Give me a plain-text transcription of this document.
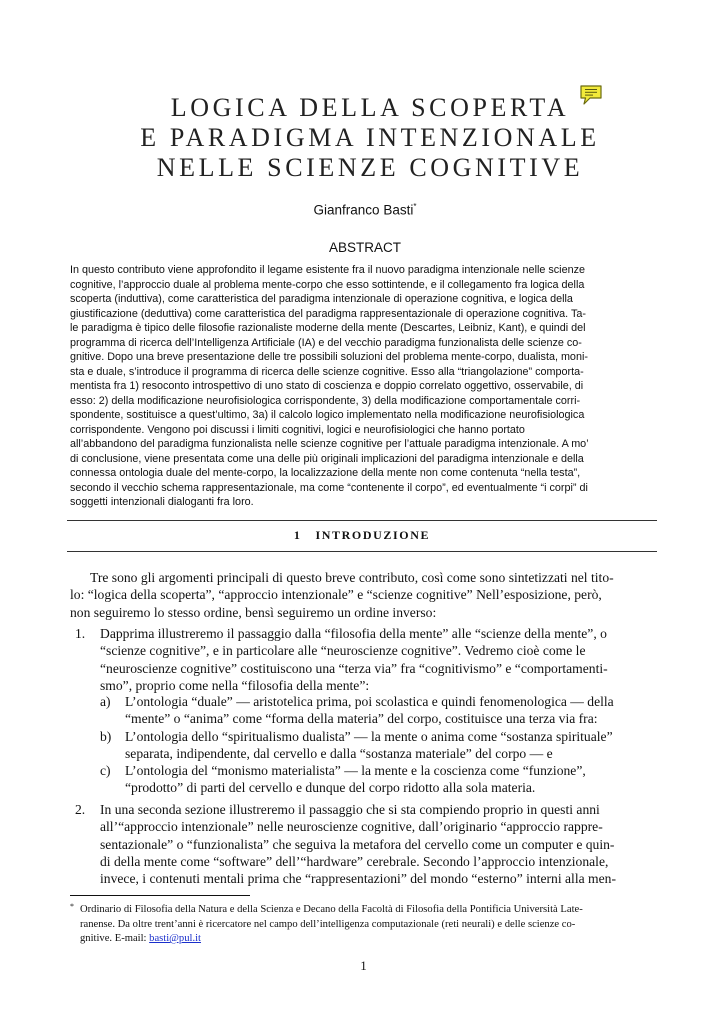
LOGICA DELLA SCOPERTA
E PARADIGMA INTENZIONALE
NELLE SCIENZE COGNITIVE
Gianfranco Basti*
ABSTRACT
In questo contributo viene approfondito il legame esistente fra il nuovo paradigma intenzionale nelle scienze
cognitive, l’approccio duale al problema mente-corpo che esso sottintende, e il collegamento fra logica della
scoperta (induttiva), come caratteristica del paradigma intenzionale di operazione cognitiva, e logica della
giustificazione (deduttiva) come caratteristica del paradigma rappresentazionale di operazione cognitiva. Ta-
le paradigma è tipico delle filosofie razionaliste moderne della mente (Descartes, Leibniz, Kant), e quindi del
programma di ricerca dell’Intelligenza Artificiale (IA) e del vecchio paradigma funzionalista delle scienze co-
gnitive. Dopo una breve presentazione delle tre possibili soluzioni del problema mente-corpo, dualista, moni-
sta e duale, s’introduce il programma di ricerca delle scienze cognitive. Esso alla “triangolazione” comporta-
mentista fra 1) resoconto introspettivo di uno stato di coscienza e doppio correlato oggettivo, osservabile, di
esso: 2) della modificazione neurofisiologica corrispondente, 3) della modificazione comportamentale corri-
spondente, sostituisce a quest’ultimo, 3a) il calcolo logico implementato nella modificazione neurofisiologica
corrispondente. Vengono poi discussi i limiti cognitivi, logici e neurofisiologici che hanno portato
all’abbandono del paradigma funzionalista nelle scienze cognitive per l’attuale paradigma intenzionale. A mo’
di conclusione, viene presentata come una delle più originali implicazioni del paradigma intenzionale e della
connessa ontologia duale del mente-corpo, la localizzazione della mente non come contenuta “nella testa”,
secondo il vecchio schema rappresentazionale, ma come “contenente il corpo”, ed eventualmente “i corpi” di
soggetti intenzionali dialoganti fra loro.
1 INTRODUZIONE
Tre sono gli argomenti principali di questo breve contributo, così come sono sintetizzati nel tito-
lo: “logica della scoperta”, “approccio intenzionale” e “scienze cognitive” Nell’esposizione, però,
non seguiremo lo stesso ordine, bensì seguiremo un ordine inverso:
1. Dapprima illustreremo il passaggio dalla “filosofia della mente” alle “scienze della mente”, o
“scienze cognitive”, e in particolare alle “neuroscienze cognitive”. Vedremo cioè come le
“neuroscienze cognitive” costituiscono una “terza via” fra “cognitivismo” e “comportamenti-
smo”, proprio come nella “filosofia della mente”:
a) L’ontologia “duale” — aristotelica prima, poi scolastica e quindi fenomenologica — della
“mente” o “anima” come “forma della materia” del corpo, costituisce una terza via fra:
b) L’ontologia dello “spiritualismo dualista” — la mente o anima come “sostanza spirituale”
separata, indipendente, dal cervello e dalla “sostanza materiale” del corpo — e
c) L’ontologia del “monismo materialista” — la mente e la coscienza come “funzione”,
“prodotto” di parti del cervello e dunque del corpo ridotto alla sola materia.
2. In una seconda sezione illustreremo il passaggio che si sta compiendo proprio in questi anni
all’“approccio intenzionale” nelle neuroscienze cognitive, dall’originario “approccio rappre-
sentazionale” o “funzionalista” che seguiva la metafora del cervello come un computer e quin-
di della mente come “software” dell’“hardware” cerebrale. Secondo l’approccio intenzionale,
invece, i contenuti mentali prima che “rappresentazioni” del mondo “esterno” interni alla men-
* Ordinario di Filosofia della Natura e della Scienza e Decano della Facoltà di Filosofia della Pontificia Università Late-
ranense. Da oltre trent’anni è ricercatore nel campo dell’intelligenza computazionale (reti neurali) e delle scienze co-
gnitive. E-mail: basti@pul.it
1
